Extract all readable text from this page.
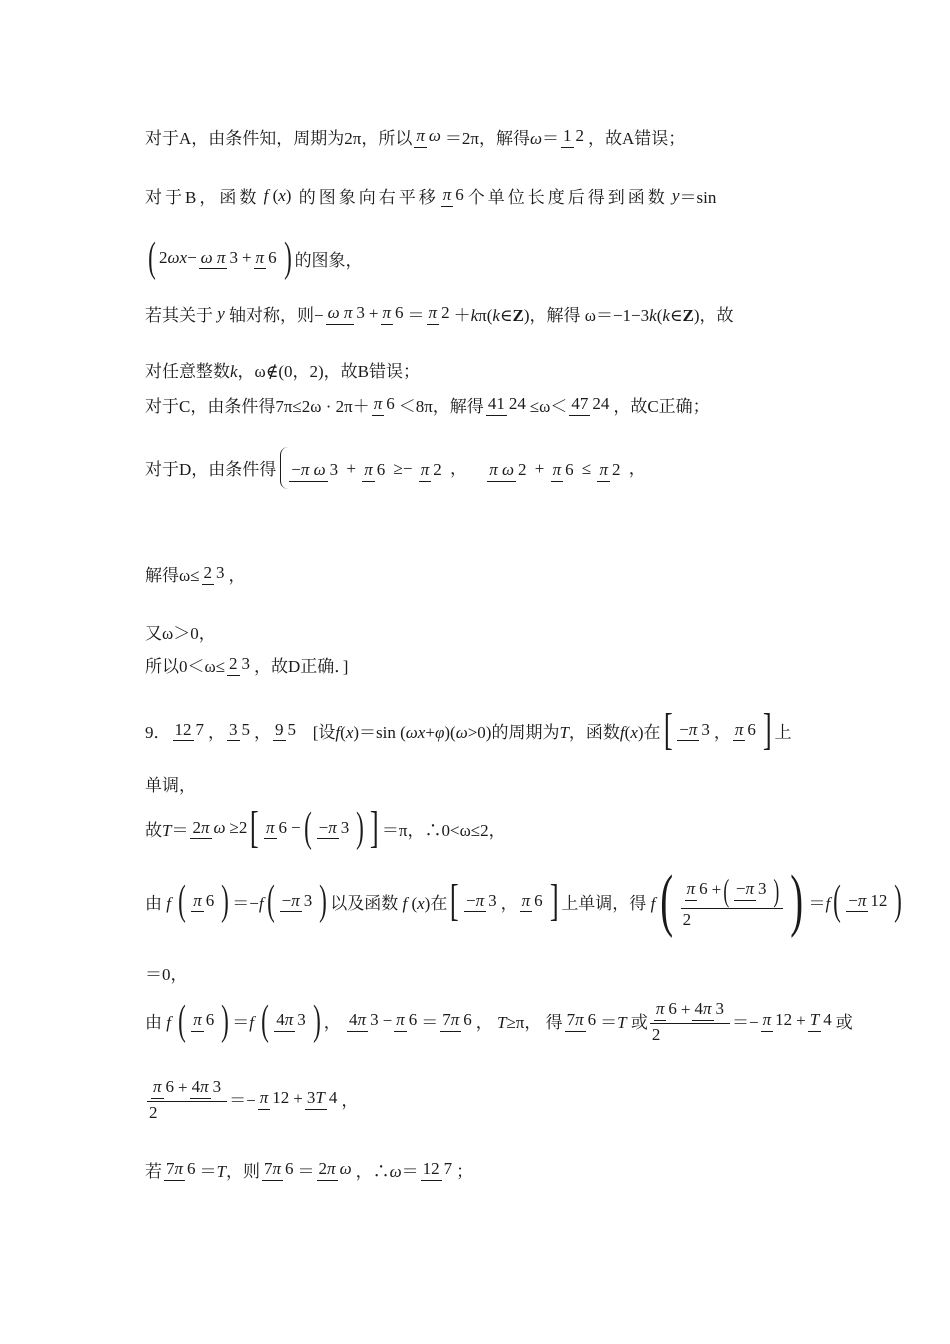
对于A，由条件知，周期为2π，所以 π ω ＝2π，解得ω＝ 1 2 ，故A错误；
对于B，函数 f (x) 的图象向右平移 π 6 个单位长度后得到函数 y ＝sin
( 2ωx− ω π 3 + π 6 ) 的图象，
若其关于 y 轴对称，则− ω π 3 + π 6 ＝ π 2 ＋kπ(k∈Z)，解得 ω＝−1−3k(k∈Z)，故
对任意整数k，ω∉(0，2)，故B错误；
对于C，由条件得7π≤2ω · 2π＋ π 6 ＜8π，解得 41 24 ≤ω＜ 47 24 ，故C正确；
对于D，由条件得 −π ω 3 + π 6 ≥− π 2 ， π ω 2 + π 6 ≤ π 2 ，
解得ω≤ 2 3 ，
又ω＞0，
所以0＜ω≤ 2 3 ，故D正确．]
9． 12 7 ， 3 5 ， 9 5 [设f(x)＝sin (ωx+φ)(ω>0)的周期为T，函数f(x)在 [ −π 3 ， π 6 ] 上
单调，
故T＝ 2π ω ≥2 [ π 6 − ( −π 3 ) ] ＝π，∴0<ω≤2，
由 f ( π 6 ) ＝−f ( −π 3 ) 以及函数 f (x)在 [ −π 3 ， π 6 ] 上单调，得 f ( $\frac{\pi 6 + ( -\pi 3 )}{2}$ ) ＝f ( −π 12 )
＝0，
由 f ( π 6 ) ＝f ( 4π 3 ) ， 4π 3 − π 6 ＝ 7π 6 ， T≥π， 得 7π 6 ＝T 或 $\frac{\pi 6 + 4\pi 3}{2} =- \pi$ 12 + T 4 或
$\frac{\pi 6 + 4\pi 3}{2} =- \pi$ 12 + 3T 4 ，
若 7π 6 ＝T，则 7π 6 ＝ 2π ω ，∴ω＝ 12 7 ；
